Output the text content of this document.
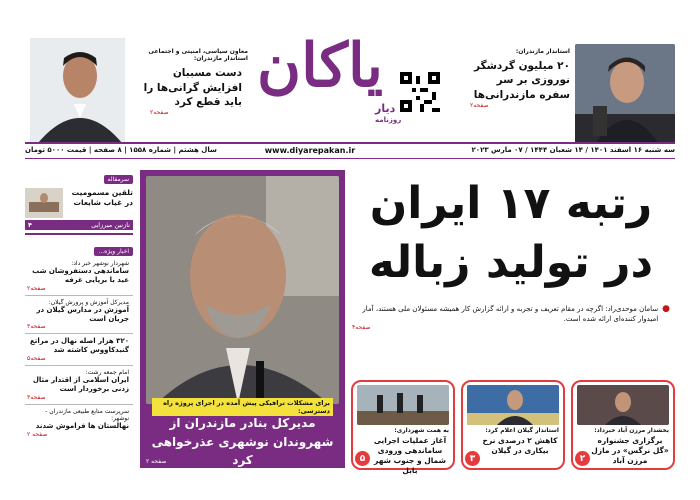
استاندار مازندران:
۲۰ میلیون گردشگر نوروزی بر سر سفره مازندرانی‌ها
صفحه۲
یاکان
دیار
روزنامه
معاون سیاسی، امنیتی و اجتماعی استاندار مازندران:
دست مسببان افزایش گرانی‌ها را باید قطع کرد
صفحه۲
سه شنبه ۱۶ اسفند ۱۴۰۱ / ۱۴ شعبان ۱۴۴۴ / ۰۷ مارس ۲۰۲۳
www.diyarepakan.ir
سال هشتم | شماره ۱۵۵۸ | ۸ صفحه | قیمت ۵۰۰۰ تومان
رتبه ۱۷ ایران
در تولید زباله
●
سامان موحدی‌راد: اگرچه در مقام تعریف و تجربه و ارائه گزارش کار همیشه مسئولان ملی هستند، آمار امیدوار کننده‌ای ارائه شده است.
صفحه۴
برای مشکلات ترافیکی پیش آمده در اجرای پروژه راه دسترسی:
مدیرکل بنادر مازندران از شهروندان نوشهری عذرخواهی کرد
صفحه ۲
بخشدار مرزن آباد خبرداد:
برگزاری جشنواره «گل نرگس» در مازل مرزن آباد
۲
استاندار گیلان اعلام کرد:
کاهش ۲ درصدی نرخ بیکاری در گیلان
۳
به همت شهرداری:
آغاز عملیات اجرایی ساماندهی ورودی شمال و جنوب شهر بابل
۵
سرمقاله
تلقین مسمومیت در غیاب شایعات
نازنین میرزایی
۴
اخبار ویژه...
شهردار نوشهر خبر داد:
ساماندهی دستفروشان شب عید با برپایی غرفه
صفحه۲
مدیرکل آموزش و پرورش گیلان:
آموزش در مدارس گیلان در جریان است
صفحه۳
۳۲۰ هزار اصله نهال در مراتع گنبدکاووس کاشته شد
صفحه۵
امام جمعه رشت:
ایران اسلامی از اقتدار مثال زدنی برخوردار است
صفحه۳
سرپرست منابع طبیعی مازندران - نوشهر:
نهالستان ها فراموش شدند
صفحه ۲
